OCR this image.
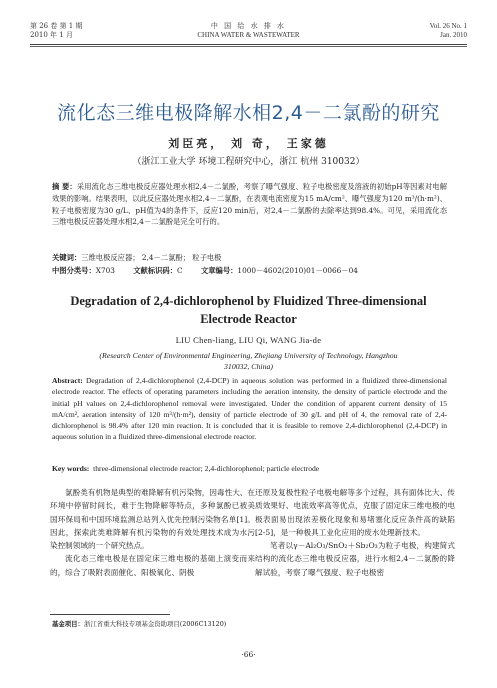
第 26 卷 第 1 期
2010 年 1 月
中 国 给 水 排 水
CHINA WATER & WASTEWATER
Vol. 26 No. 1
Jan. 2010
流化态三维电极降解水相2,4－二氯酚的研究
刘臣亮， 刘 奇， 王家德
（浙江工业大学 环境工程研究中心，浙江 杭州 310032）
摘 要：采用流化态三维电极反应器处理水相2,4－二氯酚，考察了曝气强度、粒子电极密度及溶液的初始pH等因素对电解效果的影响。结果表明，以此反应器处理水相2,4－二氯酚，在表观电流密度为15 mA/cm²、曝气强度为120 m³/(h·m²)、粒子电极密度为30 g/L、pH值为4的条件下，反应120 min后，对2,4－二氯酚的去除率达到98.4%。可见，采用流化态三维电极反应器处理水相2,4－二氯酚是完全可行的。
关键词：三维电极反应器； 2,4－二氯酚； 粒子电极
中图分类号：X703	文献标识码：C	文章编号：1000－4602(2010)01－0066－04
Degradation of 2,4-dichlorophenol by Fluidized Three-dimensional
Electrode Reactor
LIU Chen-liang, LIU Qi, WANG Jia-de
(Research Center of Environmental Engineering, Zhejiang University of Technology, Hangzhou
310032, China)
Abstract: Degradation of 2,4-dichlorophenol (2,4-DCP) in aqueous solution was performed in a fluidized three-dimensional electrode reactor. The effects of operating parameters including the aeration intensity, the density of particle electrode and the initial pH values on 2,4-dichlorophenol removal were investigated. Under the condition of apparent current density of 15 mA/cm², aeration intensity of 120 m³/(h·m²), density of particle electrode of 30 g/L and pH of 4, the removal rate of 2,4-dichlorophenol is 98.4% after 120 min reaction. It is concluded that it is feasible to remove 2,4-dichlorophenol (2,4-DCP) in aqueous solution in a fluidized three-dimensional electrode reactor.
Key words: three-dimensional electrode reactor; 2,4-dichlorophenol; particle electrode

氯酚类有机物是典型的难降解有机污染物，因毒性大、在环境中停留时间长，难于生物降解等特点，多种氯酚已被美国环保局和中国环境监测总站列入优先控制污染物名单[1]。因此，探索此类难降解有机污染物的有效处理技术成为水污染控制领域的一个研究热点。

流化态三维电极是在固定床三维电极的基础上演变而来的，综合了吸附表面催化、阳极氧化、阴极

还原及复极性粒子电极电解等多个过程，具有面体比大、传质效果好、电流效率高等优点，克服了固定床三维电极的电极表面易出现浓差极化现象和易堵塞化反应条件高的缺陷[2-5]，是一种极具工业化应用的废水处理新技术。

笔者以γ－Al₂O₃/SnO₂＋Sb₂O₃为粒子电极，构建简式结构的流化态三维电极反应器，进行水相2,4－二氯酚的降解试验，考察了曝气强度、粒子电极密

基金项目：浙江省重大科技专项基金资助项目(2006C13120)
·66·
